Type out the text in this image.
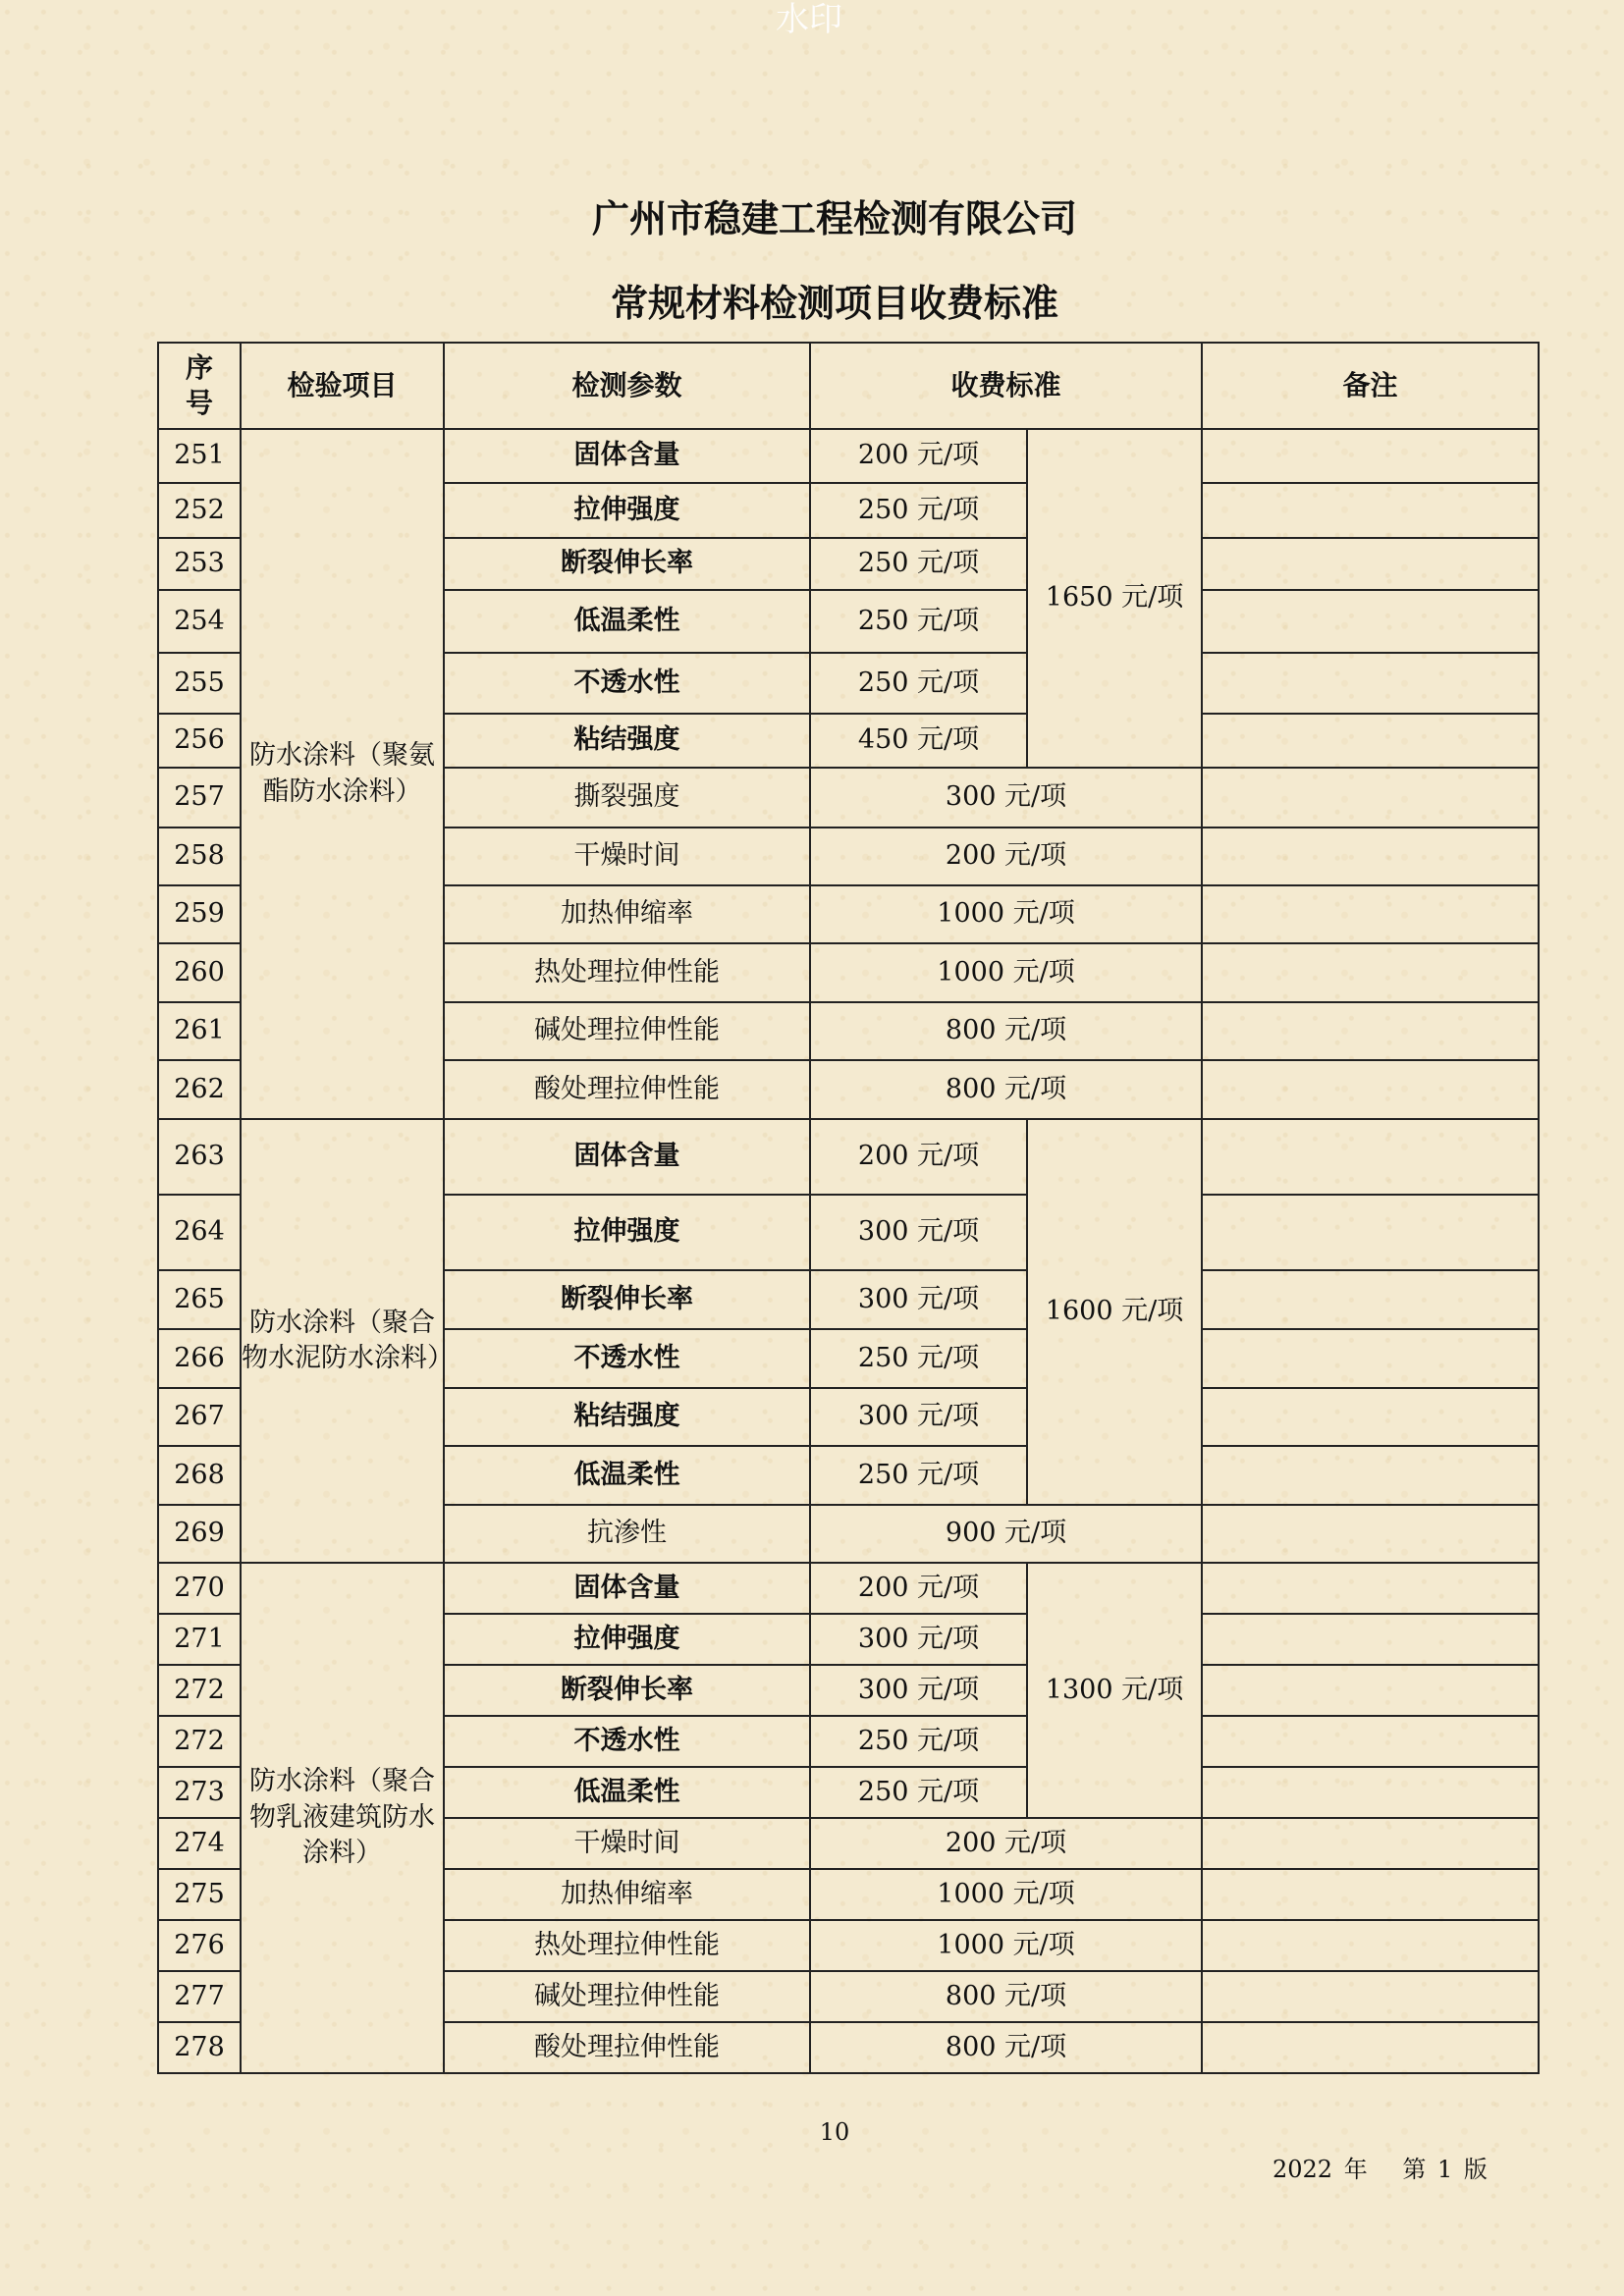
水印
广州市稳建工程检测有限公司
常规材料检测项目收费标准
序号	检验项目	检测参数	收费标准		备注
251	防水涂料（聚氨酯防水涂料）	固体含量	200 元/项	1650 元/项	
252		拉伸强度	250 元/项		
253		断裂伸长率	250 元/项		
254		低温柔性	250 元/项		
255		不透水性	250 元/项		
256		粘结强度	450 元/项		
257		撕裂强度	300 元/项		
258		干燥时间	200 元/项		
259		加热伸缩率	1000 元/项		
260		热处理拉伸性能	1000 元/项		
261		碱处理拉伸性能	800 元/项		
262		酸处理拉伸性能	800 元/项		
263	防水涂料（聚合物水泥防水涂料）	固体含量	200 元/项	1600 元/项	
264		拉伸强度	300 元/项		
265		断裂伸长率	300 元/项		
266		不透水性	250 元/项		
267		粘结强度	300 元/项		
268		低温柔性	250 元/项		
269		抗渗性	900 元/项		
270	防水涂料（聚合物乳液建筑防水涂料）	固体含量	200 元/项	1300 元/项	
271		拉伸强度	300 元/项		
272		断裂伸长率	300 元/项		
272		不透水性	250 元/项		
273		低温柔性	250 元/项		
274		干燥时间	200 元/项		
275		加热伸缩率	1000 元/项		
276		热处理拉伸性能	1000 元/项		
277		碱处理拉伸性能	800 元/项		
278		酸处理拉伸性能	800 元/项		
10
2022 年　 第 1 版
